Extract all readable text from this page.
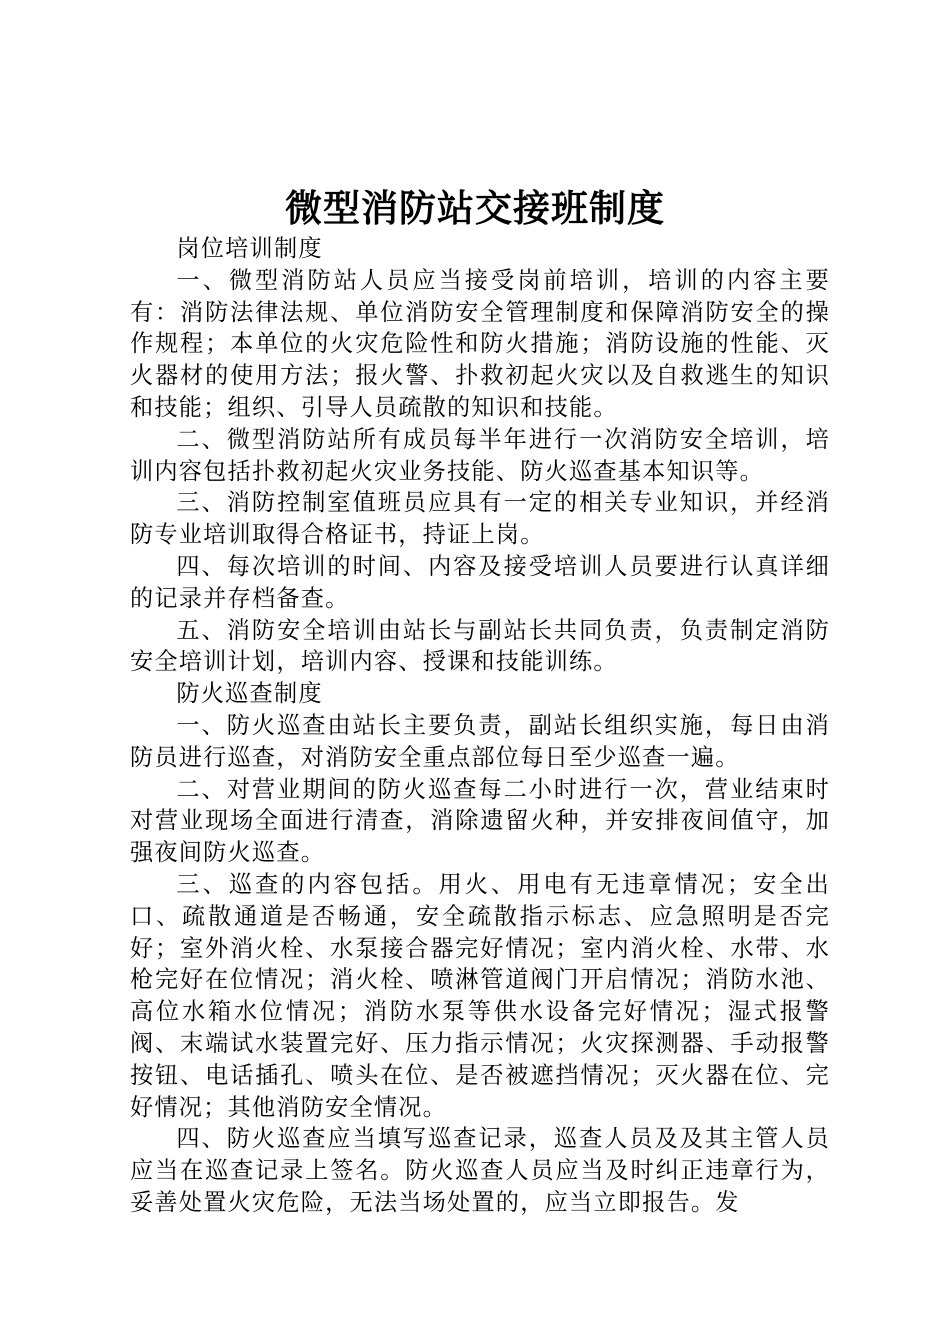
微型消防站交接班制度

岗位培训制度

一、微型消防站人员应当接受岗前培训，培训的内容主要有：消防法律法规、单位消防安全管理制度和保障消防安全的操作规程；本单位的火灾危险性和防火措施；消防设施的性能、灭火器材的使用方法；报火警、扑救初起火灾以及自救逃生的知识和技能；组织、引导人员疏散的知识和技能。

二、微型消防站所有成员每半年进行一次消防安全培训，培训内容包括扑救初起火灾业务技能、防火巡查基本知识等。

三、消防控制室值班员应具有一定的相关专业知识，并经消防专业培训取得合格证书，持证上岗。

四、每次培训的时间、内容及接受培训人员要进行认真详细的记录并存档备查。

五、消防安全培训由站长与副站长共同负责，负责制定消防安全培训计划，培训内容、授课和技能训练。

防火巡查制度

一、防火巡查由站长主要负责，副站长组织实施，每日由消防员进行巡查，对消防安全重点部位每日至少巡查一遍。

二、对营业期间的防火巡查每二小时进行一次，营业结束时对营业现场全面进行清查，消除遗留火种，并安排夜间值守，加强夜间防火巡查。

三、巡查的内容包括。用火、用电有无违章情况；安全出口、疏散通道是否畅通，安全疏散指示标志、应急照明是否完好；室外消火栓、水泵接合器完好情况；室内消火栓、水带、水枪完好在位情况；消火栓、喷淋管道阀门开启情况；消防水池、高位水箱水位情况；消防水泵等供水设备完好情况；湿式报警阀、末端试水装置完好、压力指示情况；火灾探测器、手动报警按钮、电话插孔、喷头在位、是否被遮挡情况；灭火器在位、完好情况；其他消防安全情况。

四、防火巡查应当填写巡查记录，巡查人员及及其主管人员应当在巡查记录上签名。防火巡查人员应当及时纠正违章行为，妥善处置火灾危险，无法当场处置的，应当立即报告。发
